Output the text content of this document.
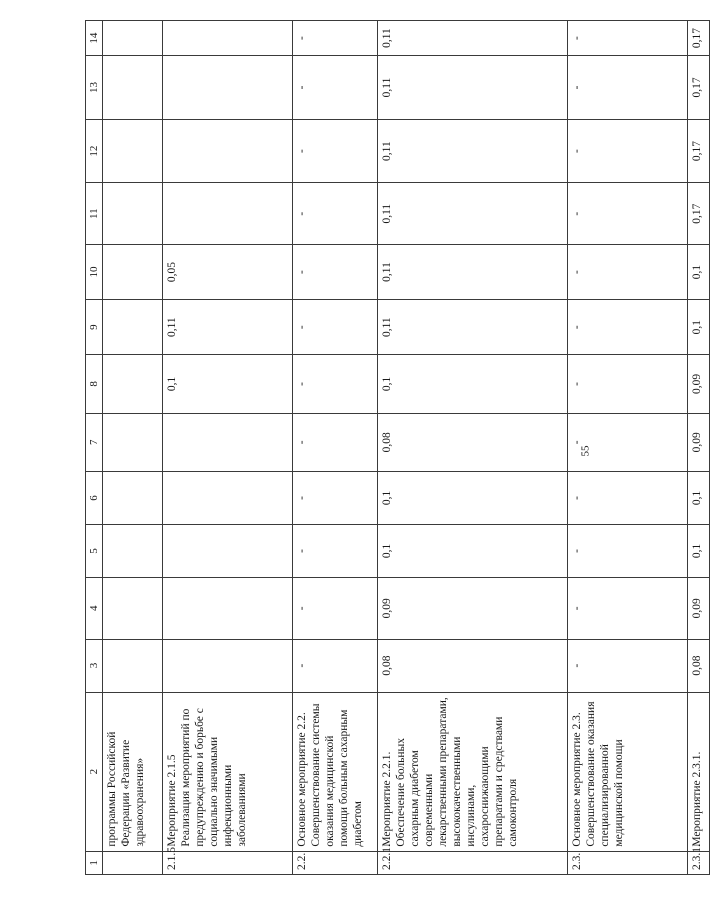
55
1	2	3	4	5	6	7	8	9	10	11	12	13	14
	программы Российской Федерации «Развитие здравоохранения»												
2.1.5	Мероприятие 2.1.5 Реализация мероприятий по предупреждению и борьбе с социально значимыми инфекционными заболеваниями						0,1	0,11	0,05				
2.2.	Основное мероприятие 2.2. Совершенствование системы оказания медицинской помощи больным сахарным диабетом	-	-	-	-	-	-	-	-	-	-	-	-
2.2.1.	Мероприятие 2.2.1. Обеспечение больных сахарным диабетом современными лекарственными препаратами, высококачественными инсулинами, сахароснижающими препаратами и средствами самоконтроля	0,08	0,09	0,1	0,1	0,08	0,1	0,11	0,11	0,11	0,11	0,11	0,11
2.3.	Основное мероприятие 2.3. Совершенствование оказания специализированной медицинской помощи	-	-	-	-	-	-	-	-	-	-	-	-
2.3.1.	Мероприятие 2.3.1.	0,08	0,09	0,1	0,1	0,09	0,09	0,1	0,1	0,17	0,17	0,17	0,17
